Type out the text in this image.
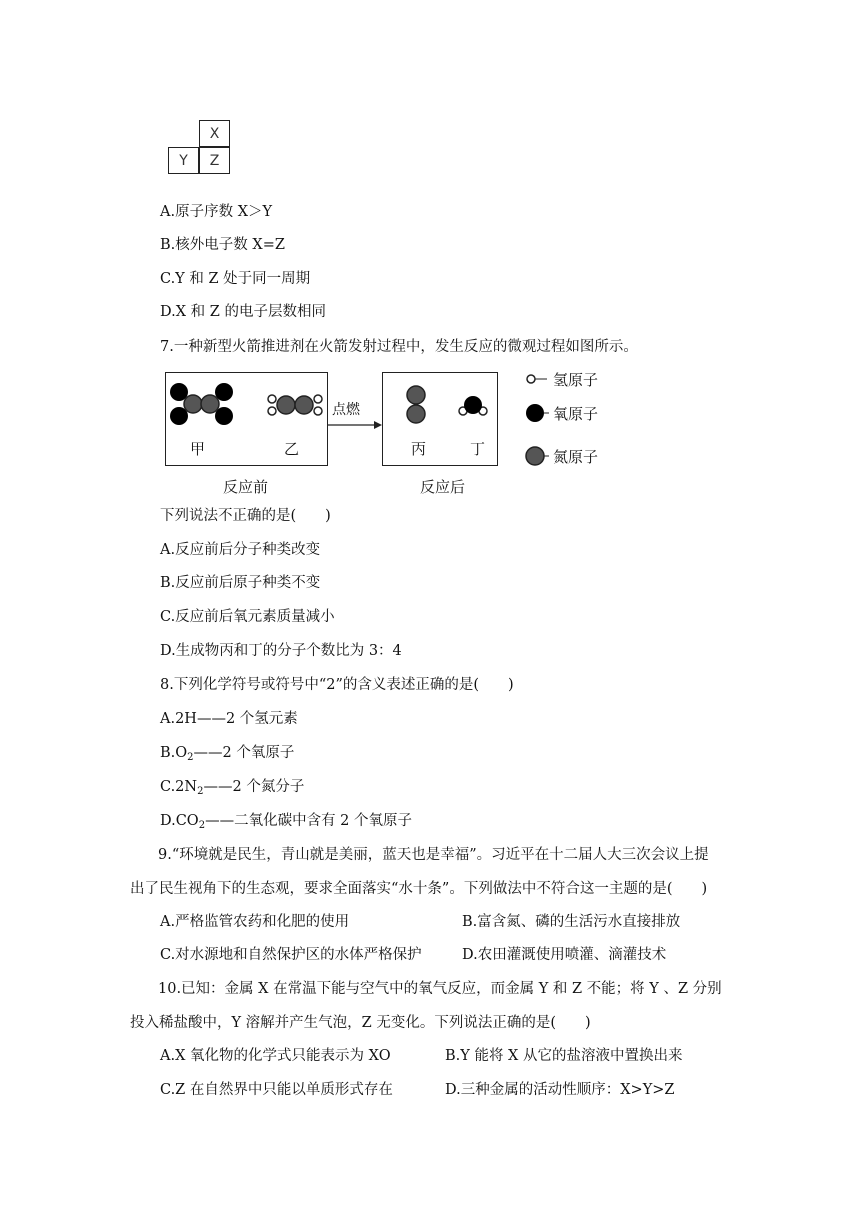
X
Y	Z
A.原子序数 X＞Y
B.核外电子数 X=Z
C.Y 和 Z 处于同一周期
D.X 和 Z 的电子层数相同
7.一种新型火箭推进剂在火箭发射过程中，发生反应的微观过程如图所示。
甲	乙
点燃
丙	丁
反应前	反应后
氢原子
氧原子
氮原子
下列说法不正确的是(　　)
A.反应前后分子种类改变
B.反应前后原子种类不变
C.反应前后氧元素质量减小
D.生成物丙和丁的分子个数比为 3：4
8.下列化学符号或符号中“2”的含义表述正确的是(　　)
A.2H——2 个氢元素
$B.O_2——2$ 个氧原子
$C.2N_2——2$ 个氮分子
$D.CO_2——$二氧化碳中含有 2 个氧原子
9.“环境就是民生，青山就是美丽，蓝天也是幸福”。习近平在十二届人大三次会议上提
出了民生视角下的生态观，要求全面落实“水十条”。下列做法中不符合这一主题的是(　　)
A.严格监管农药和化肥的使用	B.富含氮、磷的生活污水直接排放
C.对水源地和自然保护区的水体严格保护	D.农田灌溉使用喷灌、滴灌技术
10.已知：金属 X 在常温下能与空气中的氧气反应，而金属 Y 和 Z 不能；将 Y 、Z 分别
投入稀盐酸中，Y 溶解并产生气泡，Z 无变化。下列说法正确的是(　　)
A.X 氧化物的化学式只能表示为 XO	B.Y 能将 X 从它的盐溶液中置换出来
C.Z 在自然界中只能以单质形式存在	D.三种金属的活动性顺序：X>Y>Z
